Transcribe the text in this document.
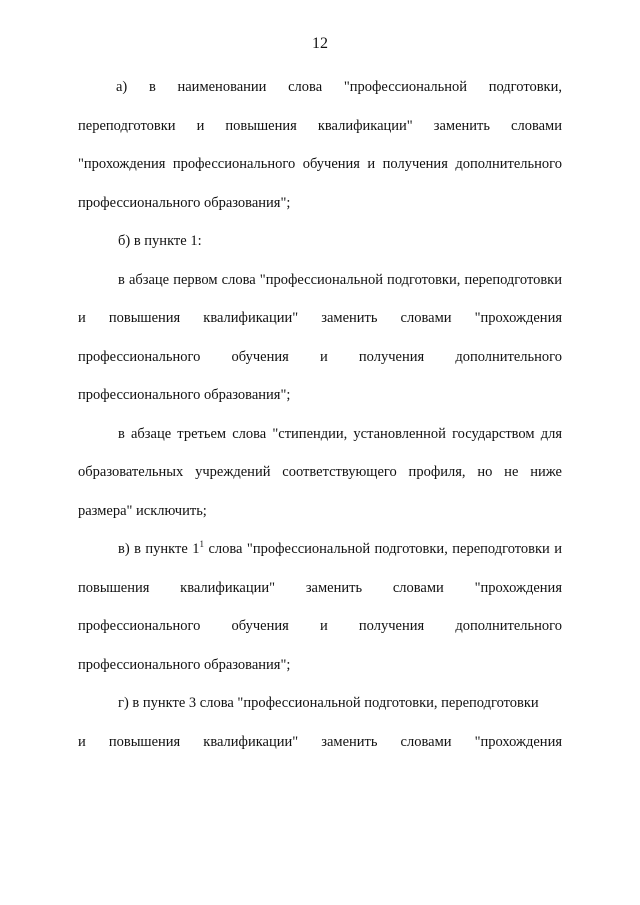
12

а) в наименовании слова "профессиональной подготовки, переподготовки и повышения квалификации" заменить словами "прохождения профессионального обучения и получения дополнительного профессионального образования";

б) в пункте 1:

в абзаце первом слова "профессиональной подготовки, переподготовки и повышения квалификации" заменить словами "прохождения профессионального обучения и получения дополнительного профессионального образования";

в абзаце третьем слова "стипендии, установленной государством для образовательных учреждений соответствующего профиля, но не ниже размера" исключить;

в) в пункте $1^1$ слова "профессиональной подготовки, переподготовки и повышения квалификации" заменить словами "прохождения профессионального обучения и получения дополнительного профессионального образования";

г) в пункте 3 слова "профессиональной подготовки, переподготовки
и повышения квалификации" заменить словами "прохождения
